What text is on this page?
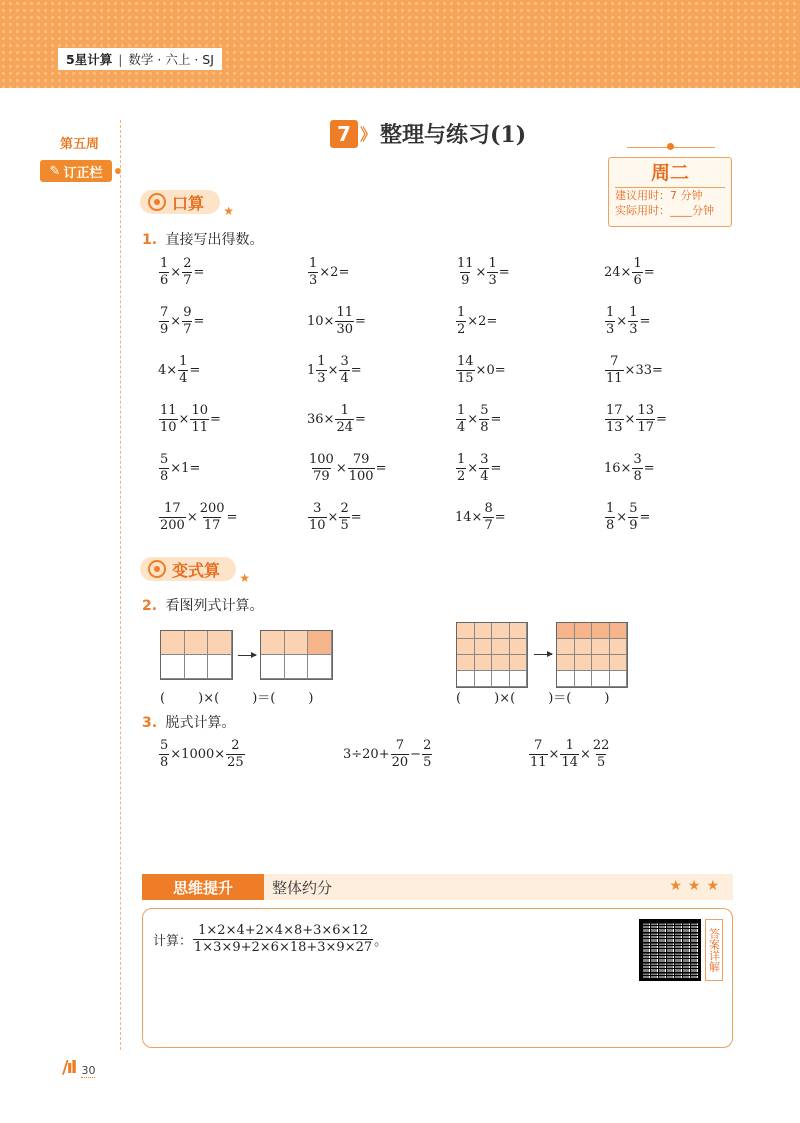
5星计算 | 数学 · 六上 · SJ
第五周
✎ 订正栏
7 》 整理与练习(1)
周二
建议用时：7 分钟
实际用时：____分钟
口算 ★
1. 直接写出得数。
$\frac{1}{6} \times \frac{2}{7}$ =	$\frac{1}{3} \times 2=$	$\frac{11}{9} \times \frac{1}{3}$ =	$24\times \frac{1}{6}$ =
$\frac{7}{9} \times \frac{9}{7}$ =	$10\times \frac{11}{30}$ =	$\frac{1}{2} \times 2=$	$\frac{1}{3} \times \frac{1}{3}$ =
$4\times \frac{1}{4}$ =	$1 \frac{1}{3} \times \frac{3}{4}$ =	$\frac{14}{15} \times 0=$	$\frac{7}{11} \times 33=$
$\frac{11}{10} \times \frac{10}{11}$ =	$36\times \frac{1}{24}$ =	$\frac{1}{4} \times \frac{5}{8}$ =	$\frac{17}{13} \times \frac{13}{17}$ =
$\frac{5}{8} \times 1=$	$\frac{100}{79} \times \frac{79}{100}$ =	$\frac{1}{2} \times \frac{3}{4}$ =	$16\times \frac{3}{8}$ =
$\frac{17}{200} \times \frac{200}{17}$ =	$\frac{3}{10} \times \frac{2}{5}$ =	$14\times \frac{8}{7}$ =	$\frac{1}{8} \times \frac{5}{9}$ =
变式算 ★
2. 看图列式计算。
(        )×(        )＝(        )	(        )×(        )＝(        )
3. 脱式计算。
$\frac{5}{8} \times 1000\times \frac{2}{25}$	$3\div 20+ \frac{7}{20} - \frac{2}{5}$	$\frac{7}{11} \times \frac{1}{14} \times \frac{22}{5}$
思维提升	整体约分	★★★
计算： $\frac{1\times 2\times 4+2\times 4\times 8+3\times 6\times 12}{1\times 3\times 9+2\times 6\times 18+3\times 9\times 27}$ 。	答案详解
/ıI 30
